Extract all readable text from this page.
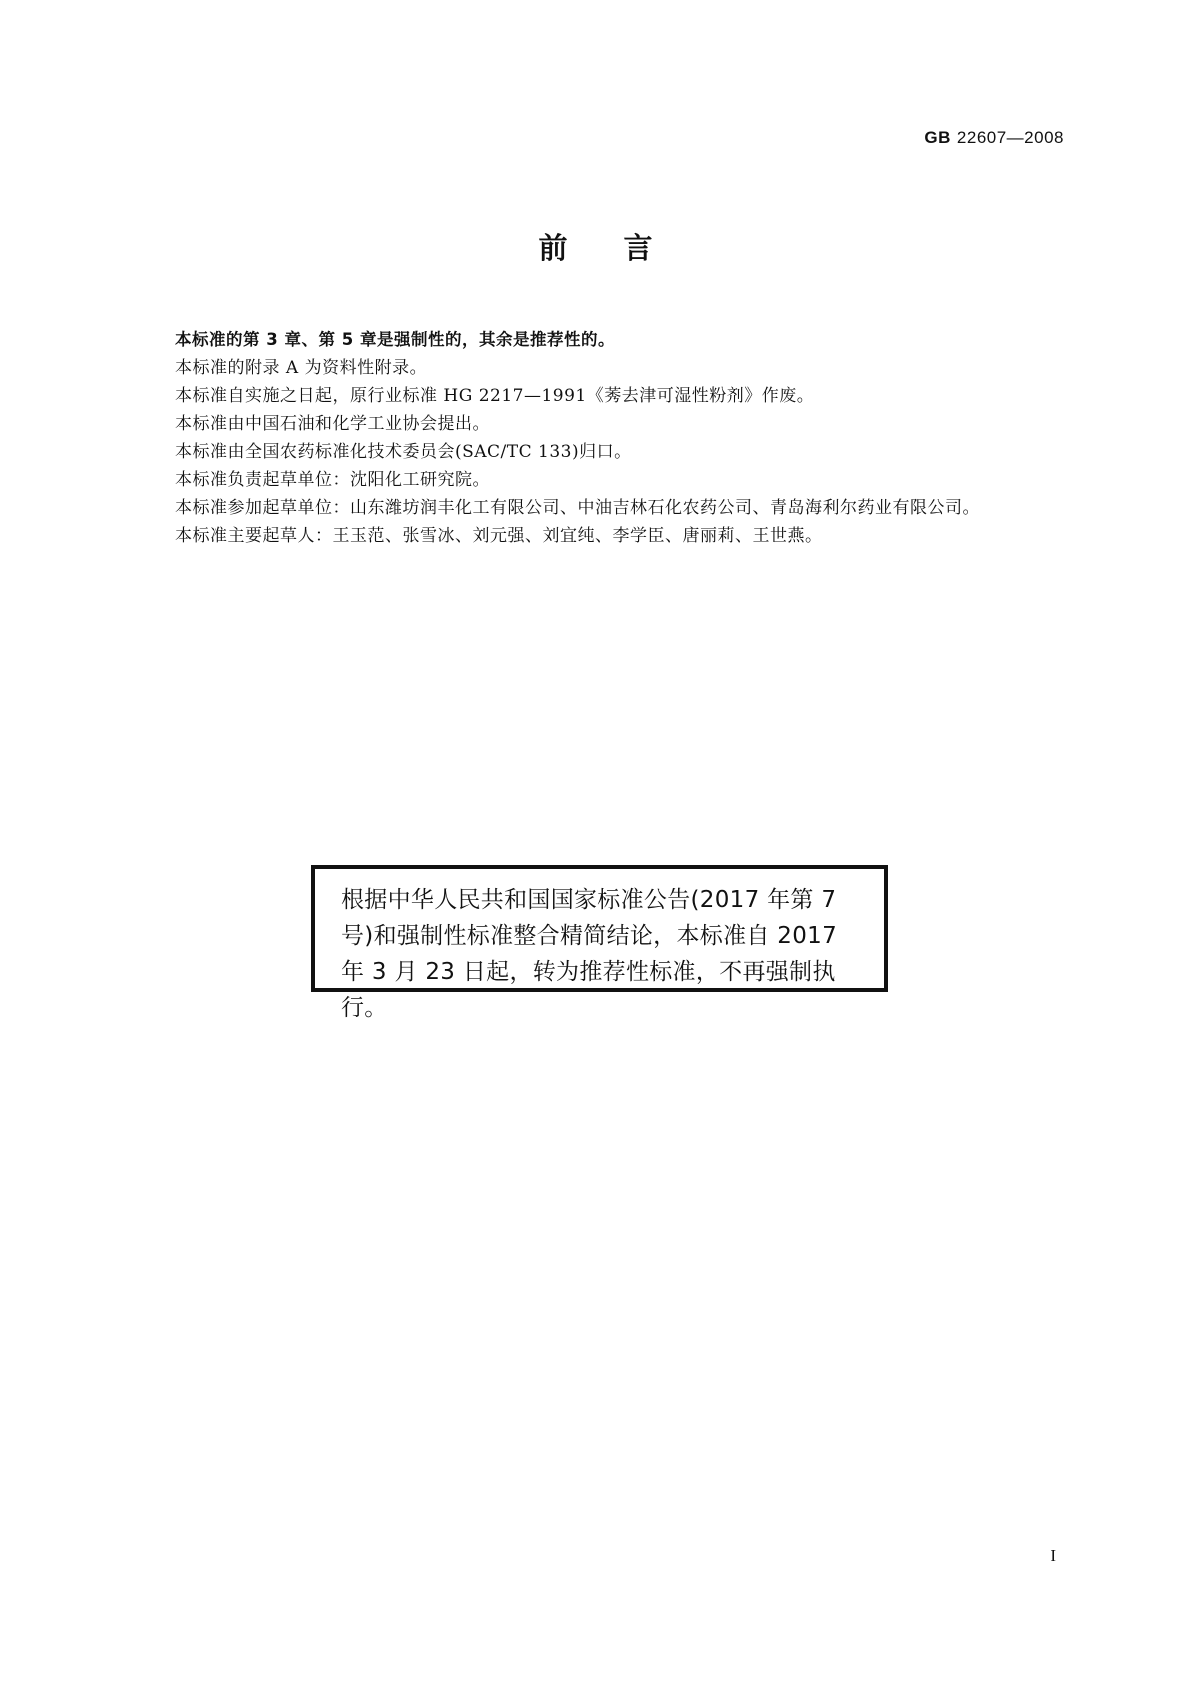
GB 22607—2008
前言

本标准的第 3 章、第 5 章是强制性的，其余是推荐性的。

本标准的附录 A 为资料性附录。

本标准自实施之日起，原行业标准 HG 2217—1991《莠去津可湿性粉剂》作废。

本标准由中国石油和化学工业协会提出。

本标准由全国农药标准化技术委员会(SAC/TC 133)归口。

本标准负责起草单位：沈阳化工研究院。

本标准参加起草单位：山东潍坊润丰化工有限公司、中油吉林石化农药公司、青岛海利尔药业有限公司。

本标准主要起草人：王玉范、张雪冰、刘元强、刘宜纯、李学臣、唐丽莉、王世燕。

根据中华人民共和国国家标准公告(2017 年第 7
号)和强制性标准整合精简结论，本标准自 2017
年 3 月 23 日起，转为推荐性标准，不再强制执行。
I
